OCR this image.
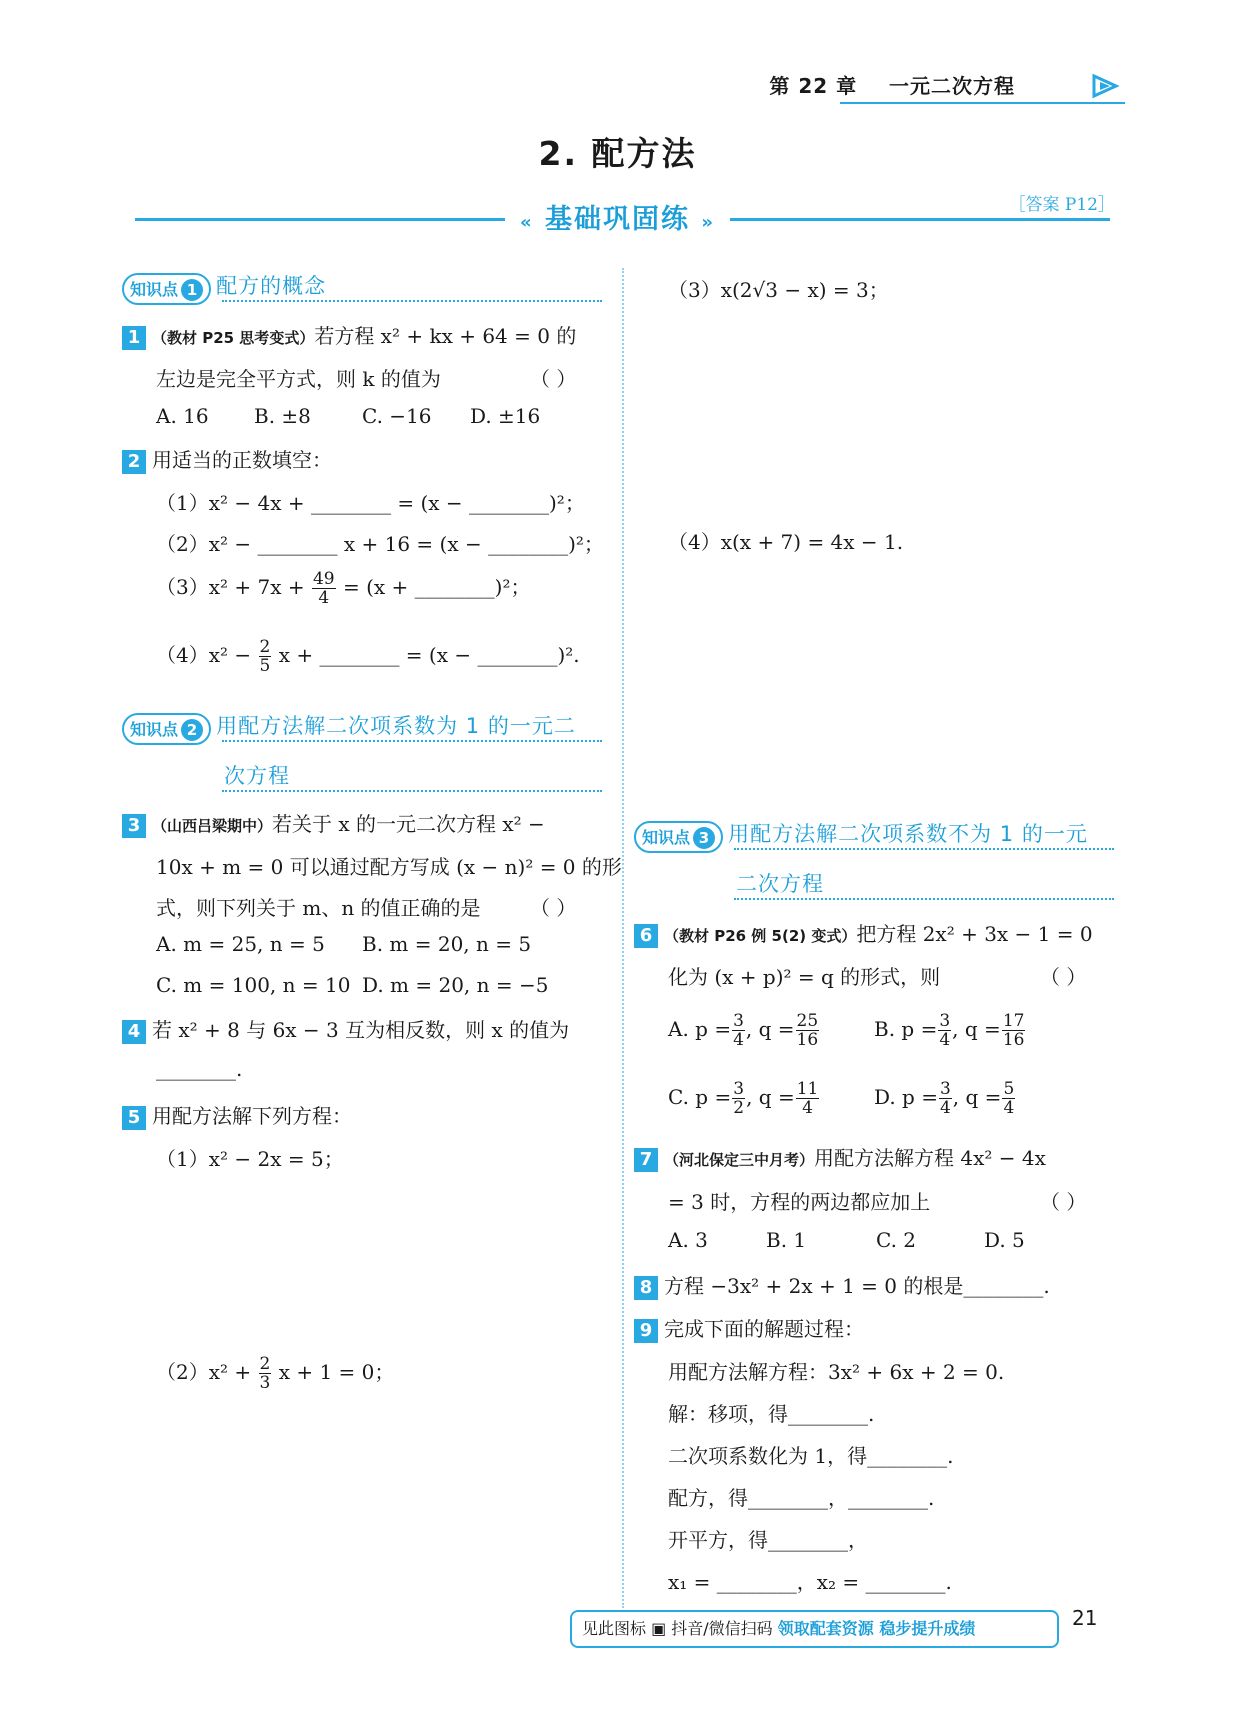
第 22 章 一元二次方程
2. 配方法
［答案 P12］
« 基础巩固练 »
知识点 1 配方的概念
1 （教材 P25 思考变式）若方程 x² + kx + 64 = 0 的
左边是完全平方式，则 k 的值为	（ ）
A. 16 B. ±8	C. −16 D. ±16
2 用适当的正数填空：
（1）x² − 4x + ________ = (x − ________)²；
（2）x² − ________ x + 16 = (x − ________)²；
$(3)x^2 + 7x + \frac{49}{4} = (x$ + ________)²；
$(4)x^2 - \frac{2}{5}$ x + ________ = (x − ________)².
知识点 2 用配方法解二次项系数为 1 的一元二
次方程
3 （山西吕梁期中）若关于 x 的一元二次方程 x² −
10x + m = 0 可以通过配方写成 (x − n)² = 0 的形
式，则下列关于 m、n 的值正确的是 （ ）
A. m = 25, n = 5 B. m = 20, n = 5
C. m = 100, n = 10 D. m = 20, n = −5
4 若 x² + 8 与 6x − 3 互为相反数，则 x 的值为
________.
5 用配方法解下列方程：
（1）x² − 2x = 5；
$(2)x^2 + \frac{2}{3}$ x + 1 = 0；
（3）x(2√3 − x) = 3；
（4）x(x + 7) = 4x − 1.
知识点 3 用配方法解二次项系数不为 1 的一元
二次方程
6 （教材 P26 例 5(2) 变式）把方程 2x² + 3x − 1 = 0
化为 (x + p)² = q 的形式，则	（ ）
A. $p = \frac{3}{4}$ , $q = \frac{25}{16}$	B. $p = \frac{3}{4}$ , $q = \frac{17}{16}$
C. $p = \frac{3}{2}$ , $q = \frac{11}{4}$	D. $p = \frac{3}{4}$ , $q = \frac{5}{4}$
7 （河北保定三中月考）用配方法解方程 4x² − 4x
= 3 时，方程的两边都应加上	（ ）
A. 3	B. 1	C. 2	D. 5
8 方程 −3x² + 2x + 1 = 0 的根是________.
9 完成下面的解题过程：
用配方法解方程：3x² + 6x + 2 = 0.
解：移项，得________.
二次项系数化为 1，得________.
配方，得________，________.
开平方，得________，
x₁ = ________，x₂ = ________.
见此图标 ▣ 抖音/微信扫码 领取配套资源 稳步提升成绩	21
